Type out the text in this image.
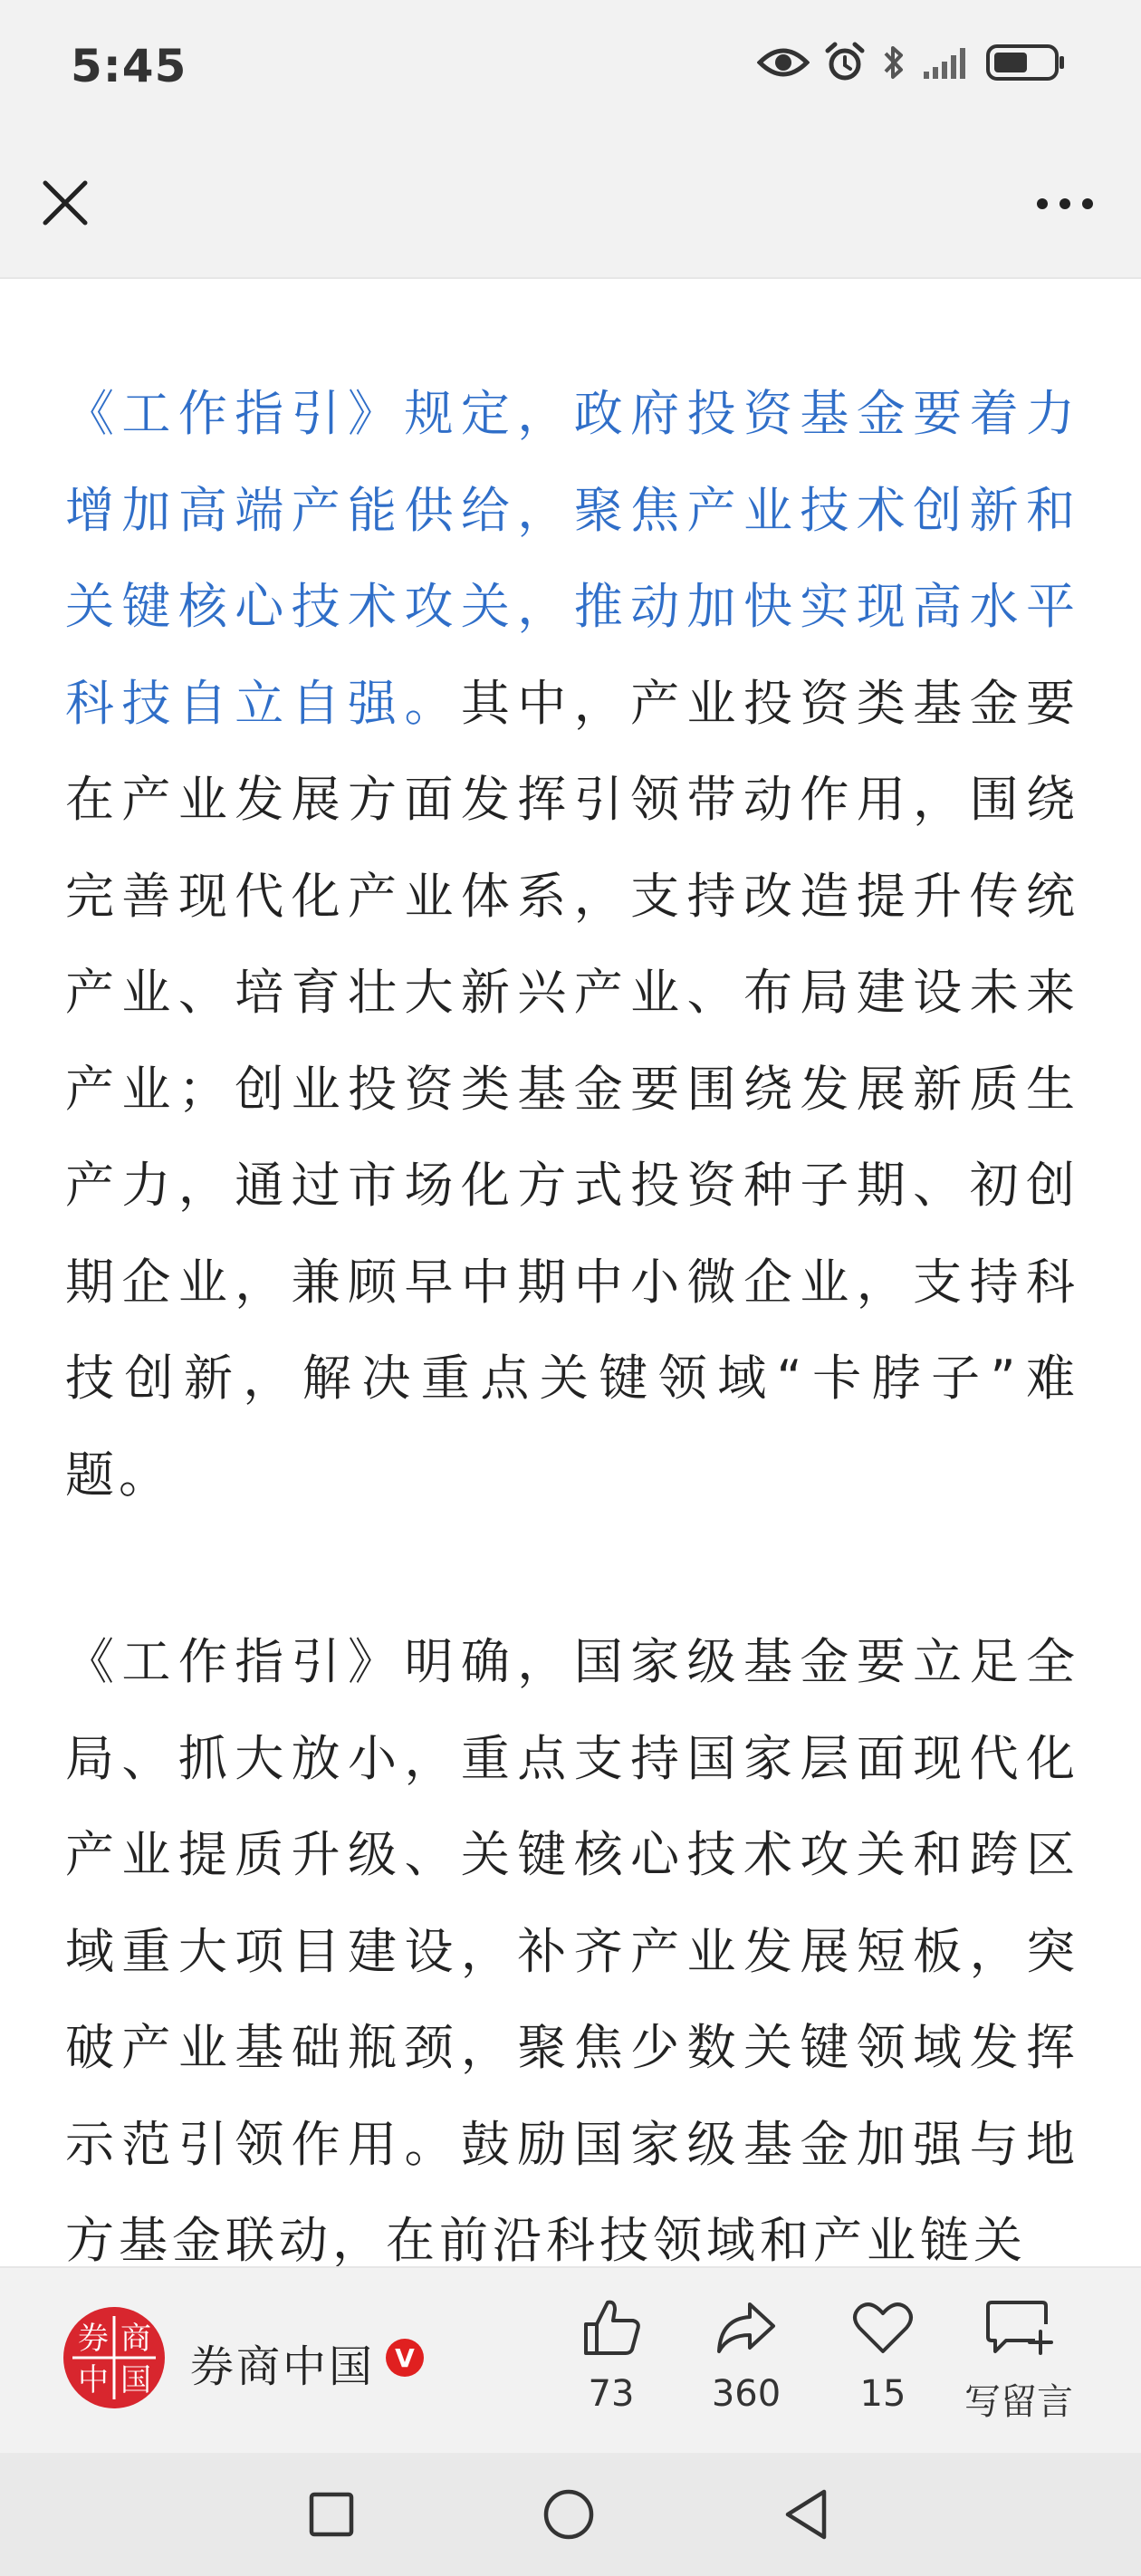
5:45

《工作指引》规定，政府投资基金要着力增加高端产能供给，聚焦产业技术创新和关键核心技术攻关，推动加快实现高水平科技自立自强。其中，产业投资类基金要在产业发展方面发挥引领带动作用，围绕完善现代化产业体系，支持改造提升传统产业、培育壮大新兴产业、布局建设未来产业；创业投资类基金要围绕发展新质生产力，通过市场化方式投资种子期、初创期企业，兼顾早中期中小微企业，支持科技创新，解决重点关键领域“卡脖子”难题。

《工作指引》明确，国家级基金要立足全局、抓大放小，重点支持国家层面现代化产业提质升级、关键核心技术攻关和跨区域重大项目建设，补齐产业发展短板，突破产业基础瓶颈，聚焦少数关键领域发挥示范引领作用。鼓励国家级基金加强与地方基金联动，在前沿科技领域和产业链关

券 商
中 国 券商中国 V
73 360 15 写留言
